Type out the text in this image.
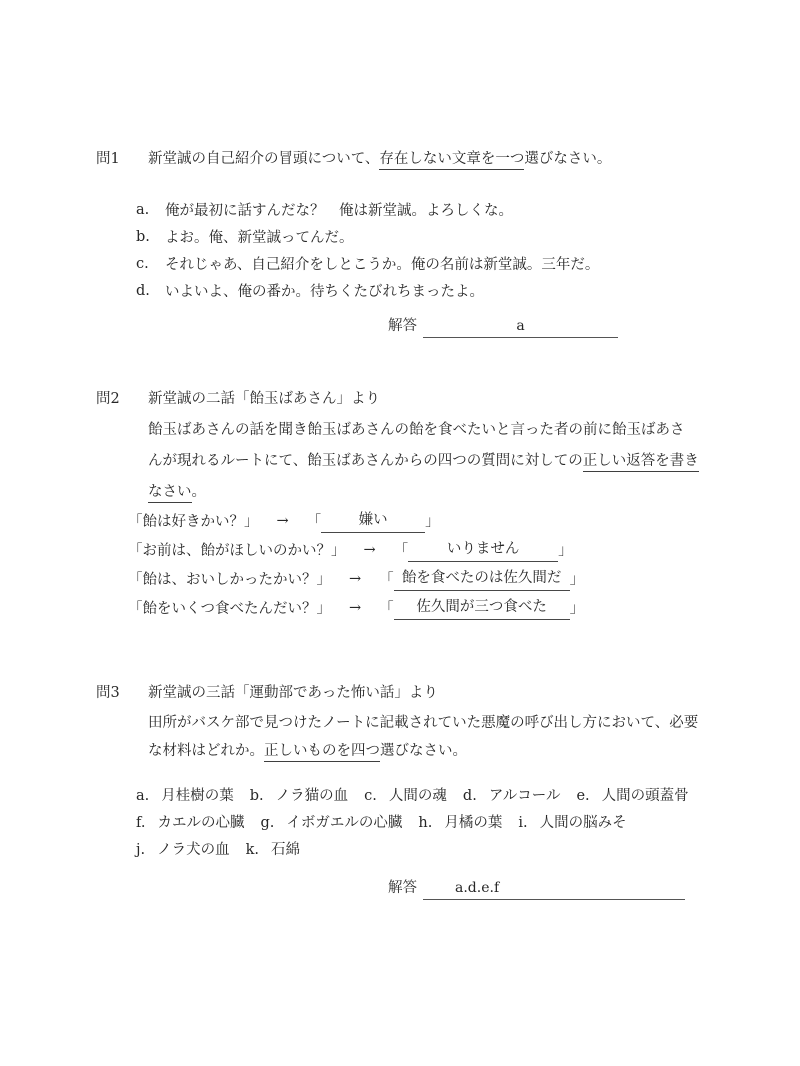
問1	新堂誠の自己紹介の冒頭について、存在しない文章を一つ選びなさい。
a.	俺が最初に話すんだな？　俺は新堂誠。よろしくな。
b.	よお。俺、新堂誠ってんだ。
c.	それじゃあ、自己紹介をしとこうか。俺の名前は新堂誠。三年だ。
d.	いよいよ、俺の番か。待ちくたびれちまったよ。
解答	a
問2	新堂誠の二話「飴玉ばあさん」より
飴玉ばあさんの話を聞き飴玉ばあさんの飴を食べたいと言った者の前に飴玉ばあさ
んが現れるルートにて、飴玉ばあさんからの四つの質問に対しての正しい返答を書き
なさい。
「飴は好きかい？」 → 「	嫌い	」
「お前は、飴がほしいのかい？」 → 「	いりません	」
「飴は、おいしかったかい？」 → 「 飴を食べたのは佐久間だ 」
「飴をいくつ食べたんだい？」 → 「	佐久間が三つ食べた	」
問3	新堂誠の三話「運動部であった怖い話」より
田所がバスケ部で見つけたノートに記載されていた悪魔の呼び出し方において、必要
な材料はどれか。正しいものを四つ選びなさい。
a. 月桂樹の葉 b. ノラ猫の血 c. 人間の魂 d. アルコール e. 人間の頭蓋骨
f. カエルの心臓 g. イボガエルの心臓 h. 月橘の葉 i. 人間の脳みそ
j. ノラ犬の血 k. 石綿
解答	a.d.e.f
